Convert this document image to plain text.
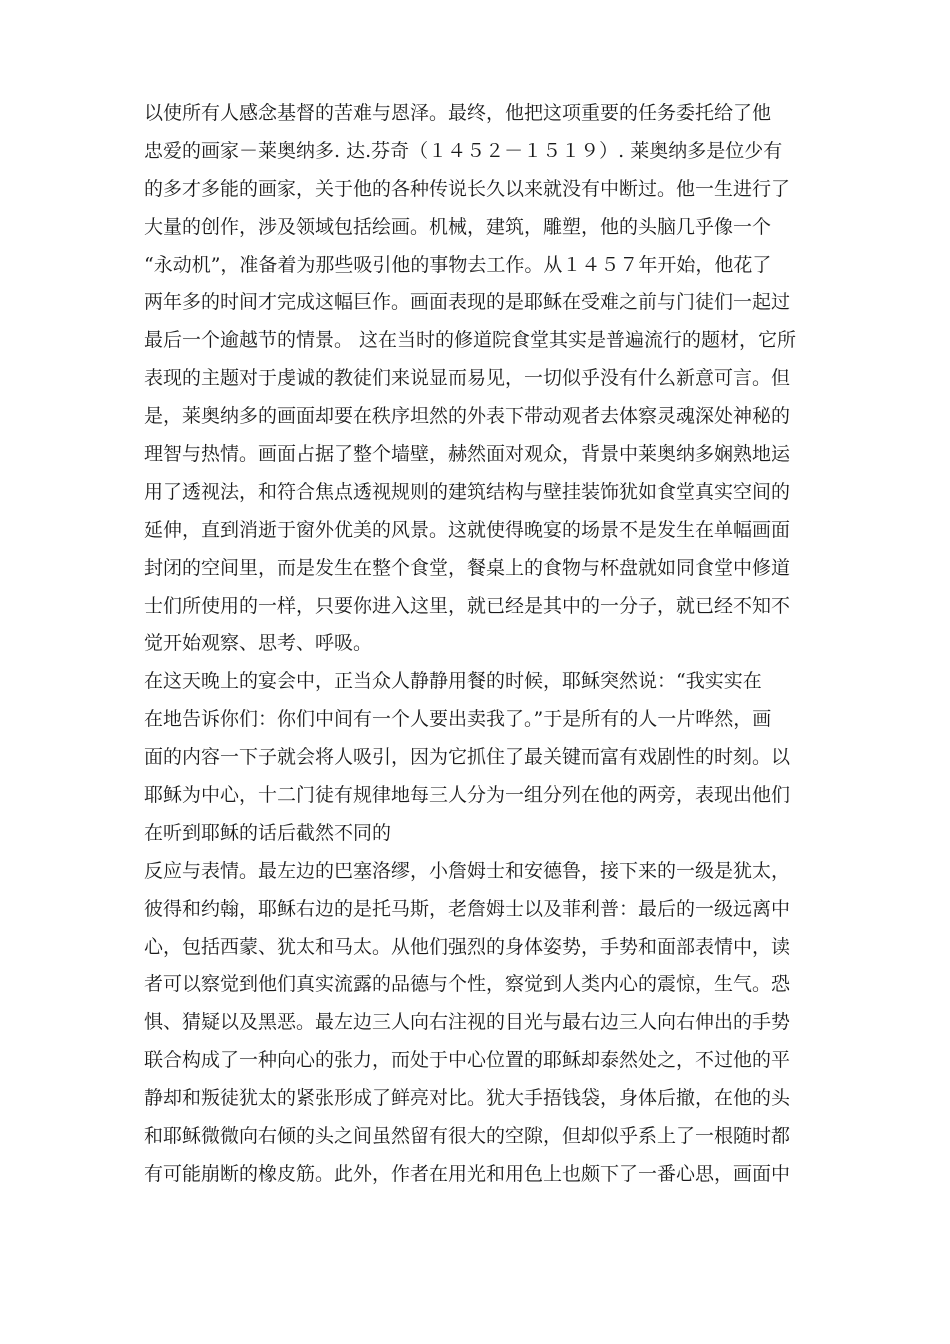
以使所有人感念基督的苦难与恩泽。最终，他把这项重要的任务委托给了他
忠爱的画家－莱奥纳多. 达.芬奇（１４５２－１５１９）. 莱奥纳多是位少有
的多才多能的画家，关于他的各种传说长久以来就没有中断过。他一生进行了
大量的创作，涉及领域包括绘画。机械，建筑，雕塑，他的头脑几乎像一个
“永动机”，准备着为那些吸引他的事物去工作。从１４５７年开始，他花了
两年多的时间才完成这幅巨作。画面表现的是耶稣在受难之前与门徒们一起过
最后一个逾越节的情景。 这在当时的修道院食堂其实是普遍流行的题材，它所
表现的主题对于虔诚的教徒们来说显而易见，一切似乎没有什么新意可言。但
是，莱奥纳多的画面却要在秩序坦然的外表下带动观者去体察灵魂深处神秘的
理智与热情。画面占据了整个墙壁，赫然面对观众，背景中莱奥纳多娴熟地运
用了透视法，和符合焦点透视规则的建筑结构与壁挂装饰犹如食堂真实空间的
延伸，直到消逝于窗外优美的风景。这就使得晚宴的场景不是发生在单幅画面
封闭的空间里，而是发生在整个食堂，餐桌上的食物与杯盘就如同食堂中修道
士们所使用的一样，只要你进入这里，就已经是其中的一分子，就已经不知不
觉开始观察、思考、呼吸。
在这天晚上的宴会中，正当众人静静用餐的时候，耶稣突然说：“我实实在
在地告诉你们：你们中间有一个人要出卖我了。”于是所有的人一片哗然，画
面的内容一下子就会将人吸引，因为它抓住了最关键而富有戏剧性的时刻。以
耶稣为中心，十二门徒有规律地每三人分为一组分列在他的两旁，表现出他们
在听到耶稣的话后截然不同的
反应与表情。最左边的巴塞洛缪，小詹姆士和安德鲁，接下来的一级是犹太，
彼得和约翰，耶稣右边的是托马斯，老詹姆士以及菲利普：最后的一级远离中
心，包括西蒙、犹太和马太。从他们强烈的身体姿势，手势和面部表情中，读
者可以察觉到他们真实流露的品德与个性，察觉到人类内心的震惊，生气。恐
惧、猜疑以及黑恶。最左边三人向右注视的目光与最右边三人向右伸出的手势
联合构成了一种向心的张力，而处于中心位置的耶稣却泰然处之，不过他的平
静却和叛徒犹太的紧张形成了鲜亮对比。犹大手捂钱袋，身体后撤，在他的头
和耶稣微微向右倾的头之间虽然留有很大的空隙，但却似乎系上了一根随时都
有可能崩断的橡皮筋。此外，作者在用光和用色上也颇下了一番心思，画面中
